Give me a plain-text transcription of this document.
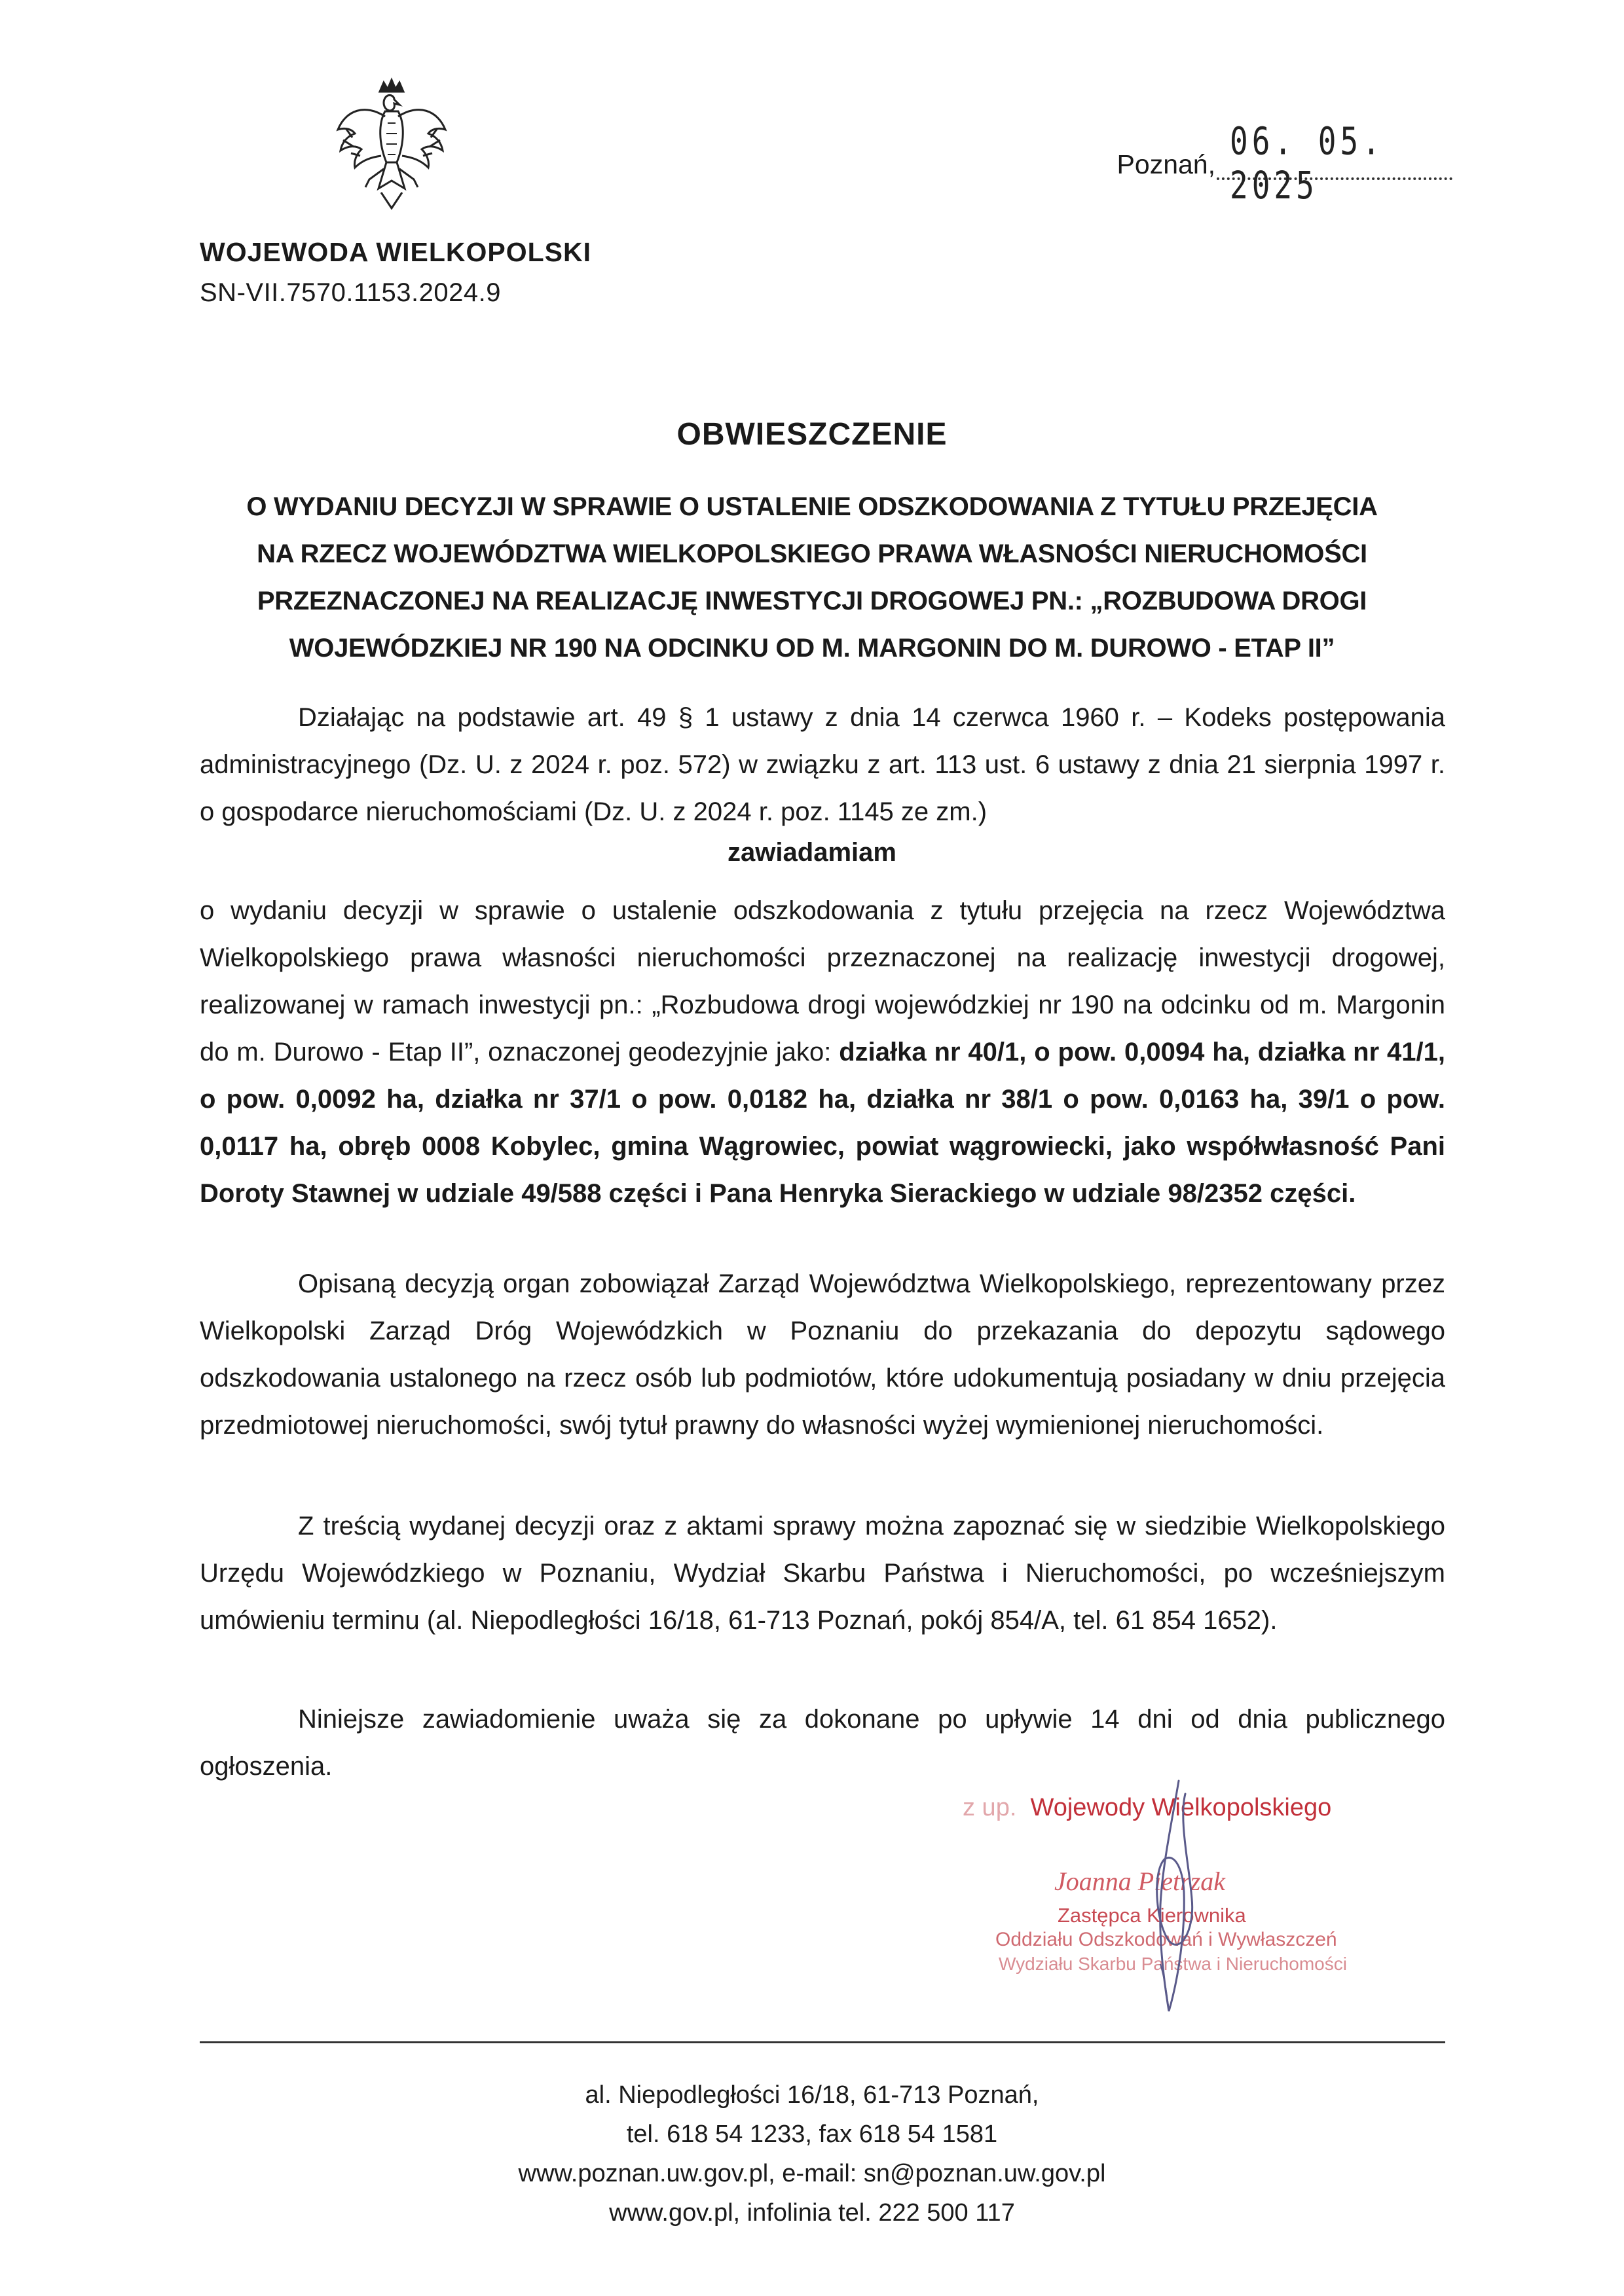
WOJEWODA WIELKOPOLSKI
SN-VII.7570.1153.2024.9
Poznań,
06. 05. 2025
OBWIESZCZENIE
O WYDANIU DECYZJI W SPRAWIE O USTALENIE ODSZKODOWANIA Z TYTUŁU PRZEJĘCIA
NA RZECZ WOJEWÓDZTWA WIELKOPOLSKIEGO PRAWA WŁASNOŚCI NIERUCHOMOŚCI
PRZEZNACZONEJ NA REALIZACJĘ INWESTYCJI DROGOWEJ PN.: „ROZBUDOWA DROGI
WOJEWÓDZKIEJ NR 190 NA ODCINKU OD M. MARGONIN DO M. DUROWO - ETAP II”
Działając na podstawie art. 49 § 1 ustawy z dnia 14 czerwca 1960 r. – Kodeks postępowania administracyjnego (Dz. U. z 2024 r. poz. 572) w związku z art. 113 ust. 6 ustawy z dnia 21 sierpnia 1997 r. o gospodarce nieruchomościami (Dz. U. z 2024 r. poz. 1145 ze zm.)
zawiadamiam
o wydaniu decyzji w sprawie o ustalenie odszkodowania z tytułu przejęcia na rzecz Województwa Wielkopolskiego prawa własności nieruchomości przeznaczonej na realizację inwestycji drogowej, realizowanej w ramach inwestycji pn.: „Rozbudowa drogi wojewódzkiej nr 190 na odcinku od m. Margonin do m. Durowo - Etap II”, oznaczonej geodezyjnie jako: działka nr 40/1, o pow. 0,0094 ha, działka nr 41/1, o pow. 0,0092 ha, działka nr 37/1 o pow. 0,0182 ha, działka nr 38/1 o pow. 0,0163 ha, 39/1 o pow. 0,0117 ha, obręb 0008 Kobylec, gmina Wągrowiec, powiat wągrowiecki, jako współwłasność Pani Doroty Stawnej w udziale 49/588 części i Pana Henryka Sierackiego w udziale 98/2352 części.
Opisaną decyzją organ zobowiązał Zarząd Województwa Wielkopolskiego, reprezentowany przez Wielkopolski Zarząd Dróg Wojewódzkich w Poznaniu do przekazania do depozytu sądowego odszkodowania ustalonego na rzecz osób lub podmiotów, które udokumentują posiadany w dniu przejęcia przedmiotowej nieruchomości, swój tytuł prawny do własności wyżej wymienionej nieruchomości.
Z treścią wydanej decyzji oraz z aktami sprawy można zapoznać się w siedzibie Wielkopolskiego Urzędu Wojewódzkiego w Poznaniu, Wydział Skarbu Państwa i Nieruchomości, po wcześniejszym umówieniu terminu (al. Niepodległości 16/18, 61-713 Poznań, pokój 854/A, tel. 61 854 1652).
Niniejsze zawiadomienie uważa się za dokonane po upływie 14 dni od dnia publicznego ogłoszenia.
z up. Wojewody Wielkopolskiego
Joanna Pietrzak
Zastępca Kierownika
Oddziału Odszkodowań i Wywłaszczeń
Wydziału Skarbu Państwa i Nieruchomości
al. Niepodległości 16/18, 61-713 Poznań,
tel. 618 54 1233, fax 618 54 1581
www.poznan.uw.gov.pl, e-mail: sn@poznan.uw.gov.pl
www.gov.pl, infolinia tel. 222 500 117
